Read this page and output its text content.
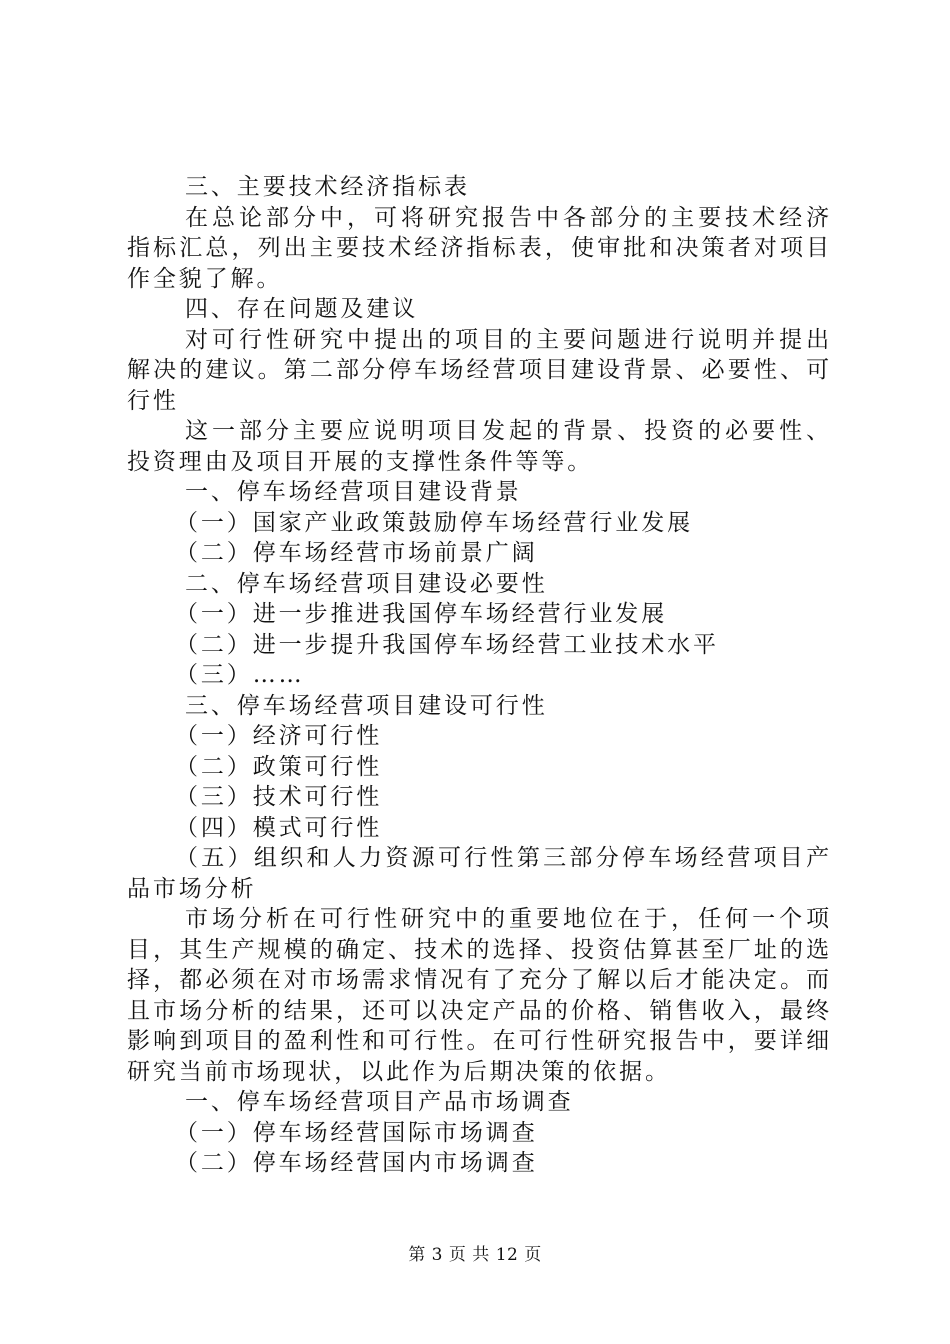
三、主要技术经济指标表

在总论部分中，可将研究报告中各部分的主要技术经济指标汇总，列出主要技术经济指标表，使审批和决策者对项目作全貌了解。

四、存在问题及建议

对可行性研究中提出的项目的主要问题进行说明并提出解决的建议。第二部分停车场经营项目建设背景、必要性、可行性

这一部分主要应说明项目发起的背景、投资的必要性、投资理由及项目开展的支撑性条件等等。

一、停车场经营项目建设背景
（一）国家产业政策鼓励停车场经营行业发展
（二）停车场经营市场前景广阔
二、停车场经营项目建设必要性
（一）进一步推进我国停车场经营行业发展
（二）进一步提升我国停车场经营工业技术水平
（三）……
三、停车场经营项目建设可行性
（一）经济可行性
（二）政策可行性
（三）技术可行性
（四）模式可行性

（五）组织和人力资源可行性第三部分停车场经营项目产品市场分析

市场分析在可行性研究中的重要地位在于，任何一个项目，其生产规模的确定、技术的选择、投资估算甚至厂址的选择，都必须在对市场需求情况有了充分了解以后才能决定。而且市场分析的结果，还可以决定产品的价格、销售收入，最终影响到项目的盈利性和可行性。在可行性研究报告中，要详细研究当前市场现状，以此作为后期决策的依据。

一、停车场经营项目产品市场调查
（一）停车场经营国际市场调查
（二）停车场经营国内市场调查
第 3 页 共 12 页
